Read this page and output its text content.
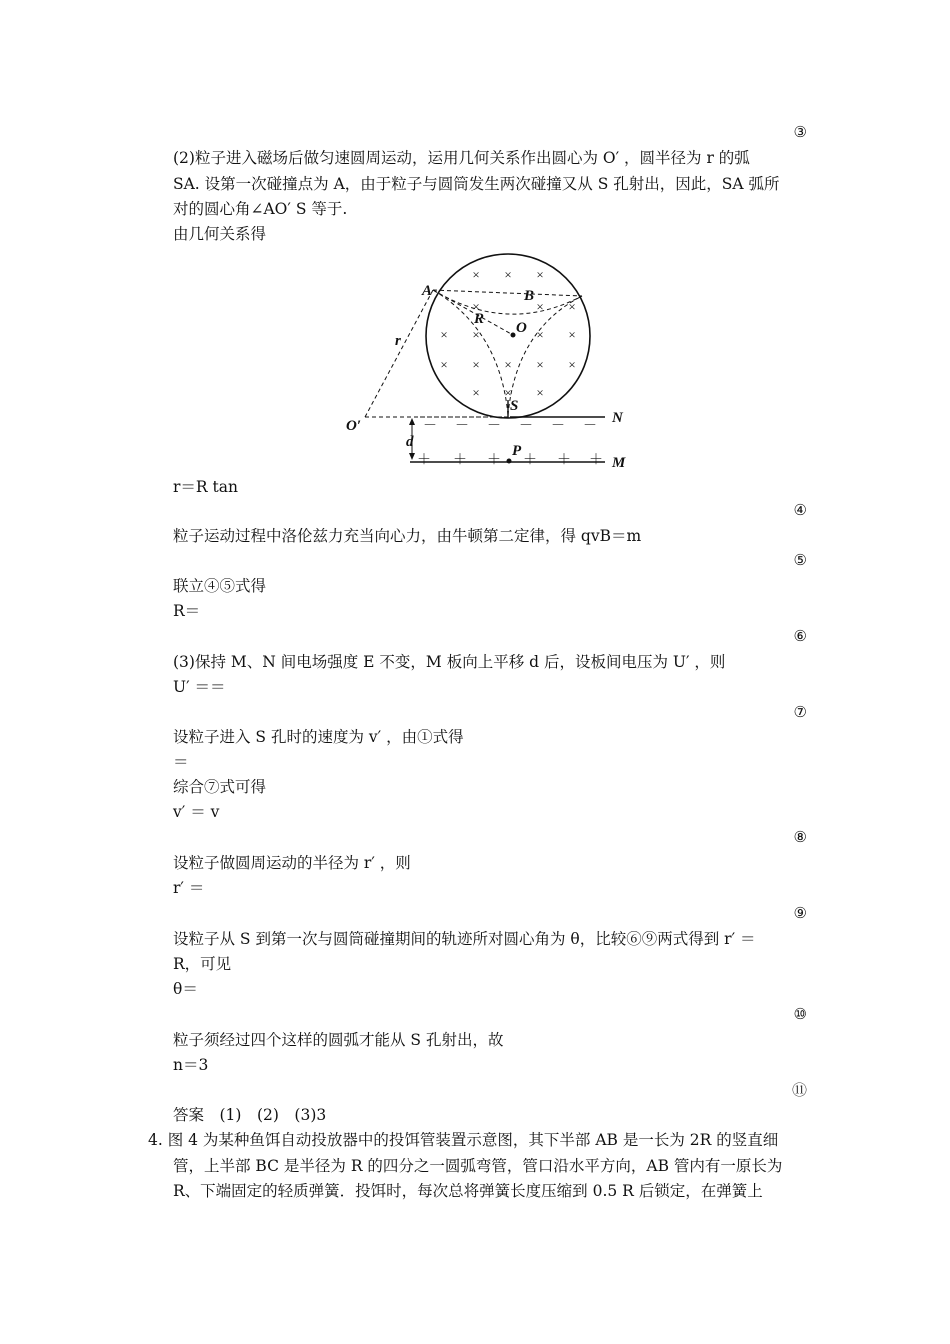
③
(2)粒子进入磁场后做匀速圆周运动，运用几何关系作出圆心为 O′ ，圆半径为 r 的弧
SA. 设第一次碰撞点为 A，由于粒子与圆筒发生两次碰撞又从 S 孔射出，因此，SA 弧所
对的圆心角∠AO′ S 等于.
由几何关系得
× × ×
×	× ×
× ×	× ×
× × × × ×
× × ×
－ － － － － －
＋ ＋ ＋ ＋ ＋ ＋
A	B
R
O
r
S
O′	N
d
P
M
r＝R tan
④
粒子运动过程中洛伦兹力充当向心力，由牛顿第二定律，得 qvB＝m
⑤
联立④⑤式得
R＝
⑥
(3)保持 M、N 间电场强度 E 不变，M 板向上平移 d 后，设板间电压为 U′ ，则
U′ ＝＝
⑦
设粒子进入 S 孔时的速度为 v′ ，由①式得
＝
综合⑦式可得
v′ ＝ v
⑧
设粒子做圆周运动的半径为 r′ ，则
r′ ＝
⑨
设粒子从 S 到第一次与圆筒碰撞期间的轨迹所对圆心角为 θ，比较⑥⑨两式得到 r′ ＝
R，可见
θ＝
⑩
粒子须经过四个这样的圆弧才能从 S 孔射出，故
n＝3
⑪
答案　(1)　(2)　(3)3
4. 图 4 为某种鱼饵自动投放器中的投饵管装置示意图，其下半部 AB 是一长为 2R 的竖直细
管，上半部 BC 是半径为 R 的四分之一圆弧弯管，管口沿水平方向，AB 管内有一原长为
R、下端固定的轻质弹簧．投饵时，每次总将弹簧长度压缩到 0.5 R 后锁定，在弹簧上
